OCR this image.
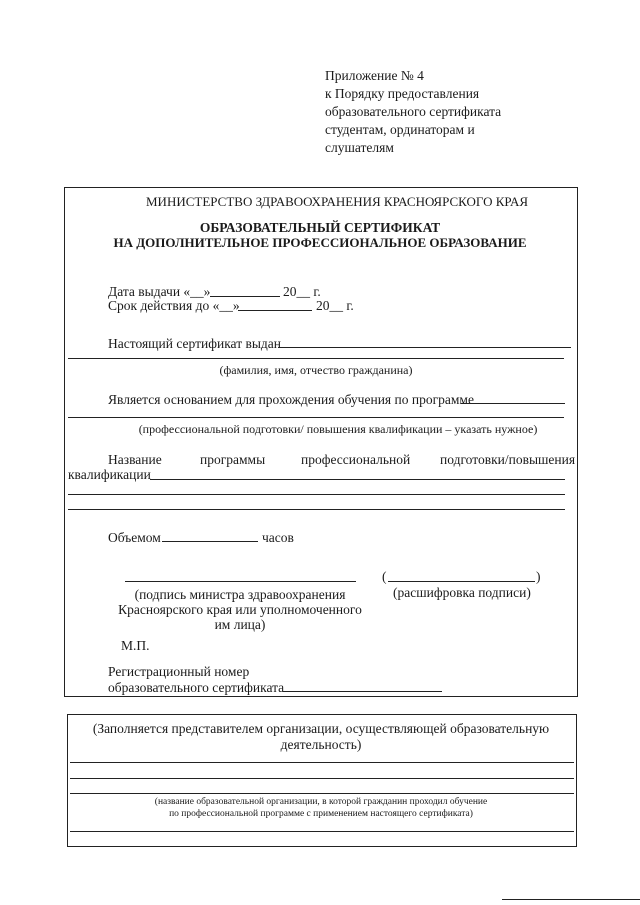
Приложение № 4
к Порядку предоставления
образовательного сертификата
студентам, ординаторам и
слушателям
МИНИСТЕРСТВО ЗДРАВООХРАНЕНИЯ КРАСНОЯРСКОГО КРАЯ
ОБРАЗОВАТЕЛЬНЫЙ СЕРТИФИКАТ
НА ДОПОЛНИТЕЛЬНОЕ ПРОФЕССИОНАЛЬНОЕ ОБРАЗОВАНИЕ
Дата выдачи «__»	20__ г.
Срок действия до «__»	20__ г.
Настоящий сертификат выдан
(фамилия, имя, отчество гражданина)
Является основанием для прохождения обучения по программе
(профессиональной подготовки/ повышения квалификации – указать нужное)
Название	программы	профессиональной подготовки/повышения
квалификации
Объемом	часов
(подпись министра здравоохранения
Красноярского края или уполномоченного
им лица)
(	)
(расшифровка подписи)
М.П.
Регистрационный номер
образовательного сертификата
(Заполняется представителем организации, осуществляющей образовательную
деятельность)
(название образовательной организации, в которой гражданин проходил обучение
по профессиональной программе с применением настоящего сертификата)
